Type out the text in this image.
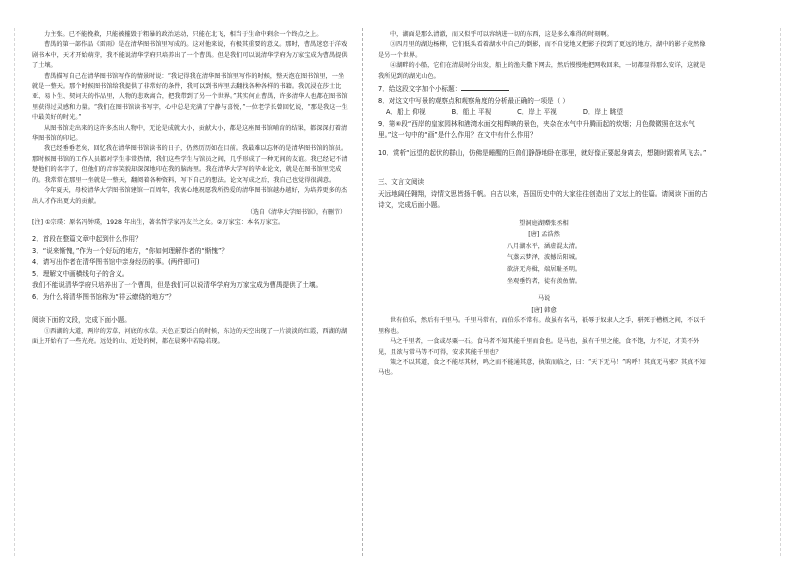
力主张。已不能挽救，只能被摧毁于粗暴的政治运动，只能在北飞，相当于生命中剩余一个终点之上。

曹禺的第一部作品《雷雨》是在清华图书馆里写成的。这对他来说，有极其重要的意义。那时，曹禺迷恋于洋戏剧书本中，天才开始萌芽，我不能说清华学府只培养出了一个曹禺。但是我们可以说清华学府为万家宝成为曹禺提供了土壤。

曹禺描写自己在清华图书馆写作的情景时说：“我记得我在清华图书馆里写作的时候，整天泡在图书馆里，一坐就是一整天。那个时候图书馆给我提供了非常好的条件，我可以到书库里去翻找各种各样的书籍。我沉浸在莎士比亚、易卜生、契诃夫的作品里，人物的悲欢离合，把我带到了另一个世界。”其实何止曹禺，许多清华人也都在图书馆里获得过灵感和力量。“我们在图书馆读书写字，心中总是充满了宁静与喜悦，”一位老学长曾回忆说，“那是我这一生中最美好的时光。”

从图书馆走出来的这许多杰出人物中，无论是成就大小，贡献大小，都是这座图书馆哺育的结果，都深深打着清华图书馆的印记。

我已经垂垂老矣，回忆我在清华图书馆读书的日子，仍然历历如在目前。我最难以忘怀的是清华图书馆的馆员。那时候图书馆的工作人员都对学生非常热情，我们这些学生与馆员之间，几乎形成了一种无间的友谊。我已经记不清楚他们的名字了，但他们的音容笑貌却深深地印在我的脑海里。我在清华大学写的毕业论文，就是在图书馆里完成的。我常常在那里一坐就是一整天，翻阅着各种资料，写下自己的想法。论文写成之后，我自己也觉得很满意。

今年夏天，母校清华大学图书馆建馆一百周年，我衷心地祝愿我所热爱的清华图书馆越办越好，为培养更多的杰出人才作出更大的贡献。

（选自《清华大学图书馆》，有删节）

[注] ①宗璞：原名冯钟璞，1928 年出生，著名哲学家冯友兰之女。②万家宝：本名万家宝。

2．首段在整篇文章中起到什么作用？

3．“说来惭愧，”作为一个好玩的地方，“你如何理解作者的“惭愧”？

4．请写出作者在清华图书馆中亲身经历的事。(两件即可)

5．理解文中画横线句子的含义。

我们不能说清华学府只培养出了一个曹禺，但是我们可以说清华学府为万家宝成为曹禺提供了土壤。

6．为什么将清华图书馆称为“祥云缭绕的地方”？

阅读下面的文段，完成下面小题。

①西湖的大道，两岸的芳草，河底的水草。天色正要泛白的时候，东边的天空出现了一片淡淡的红霞，西湖的湖面上开始有了一些光亮。远处的山、近处的树，都在晨雾中若隐若现。

中，湖面是那么清澈，而又似乎可以容纳进一切的东西，这是多么难得的时刻啊。

③四月里的湖边杨柳，它们低头看着湖水中自己的倒影，而不自觉地又把影子投到了更远的地方，湖中的影子竟然像是另一个世界。

④湖畔的小船，它们在清晨时分出发，船上的渔夫撒下网去，然后慢慢地把网收回来，一切都显得那么安详，这就是我所见到的湖光山色。

7．给这段文字加个小标题：

8．对这文中写景的观察点和观察角度的分析最正确的一项是（ ）

A．船上 仰视	B．船上 平视	C．岸上 平视	D．岸上 眺望

9．第⑥段“西岸的皇家园林和港湾水面交相辉映的景色，夹杂在水气中升腾而起的炊烟；月色微微照在这水气里。”这一句中的“画”是什么作用？在文中有什么作用？

10．赏析“远望的起伏的群山，仿佛是睡醒的巨兽们静静地卧在那里，就好像正要起身离去，想随时跟着风飞去。”

三、文言文阅读

天远地阔任翱翔，诗情文思皆扬千帆。自古以来，吾国历史中的大家往往创造出了文坛上的佳篇。请阅读下面的古诗文，完成后面小题。

望洞庭湖赠张丞相

[唐] 孟浩然

八月湖水平，涵虚混太清。

气蒸云梦泽，波撼岳阳城。

欲济无舟楫，端居耻圣明。

坐观垂钓者，徒有羡鱼情。

马说

[唐] 韩愈

世有伯乐，然后有千里马。千里马常有，而伯乐不常有。故虽有名马，祇辱于奴隶人之手，骈死于槽枥之间，不以千里称也。

马之千里者，一食或尽粟一石。食马者不知其能千里而食也。是马也，虽有千里之能，食不饱，力不足，才美不外见，且欲与常马等不可得，安求其能千里也？

策之不以其道，食之不能尽其材，鸣之而不能通其意，执策而临之，曰：“天下无马！”呜呼！其真无马邪？其真不知马也。
